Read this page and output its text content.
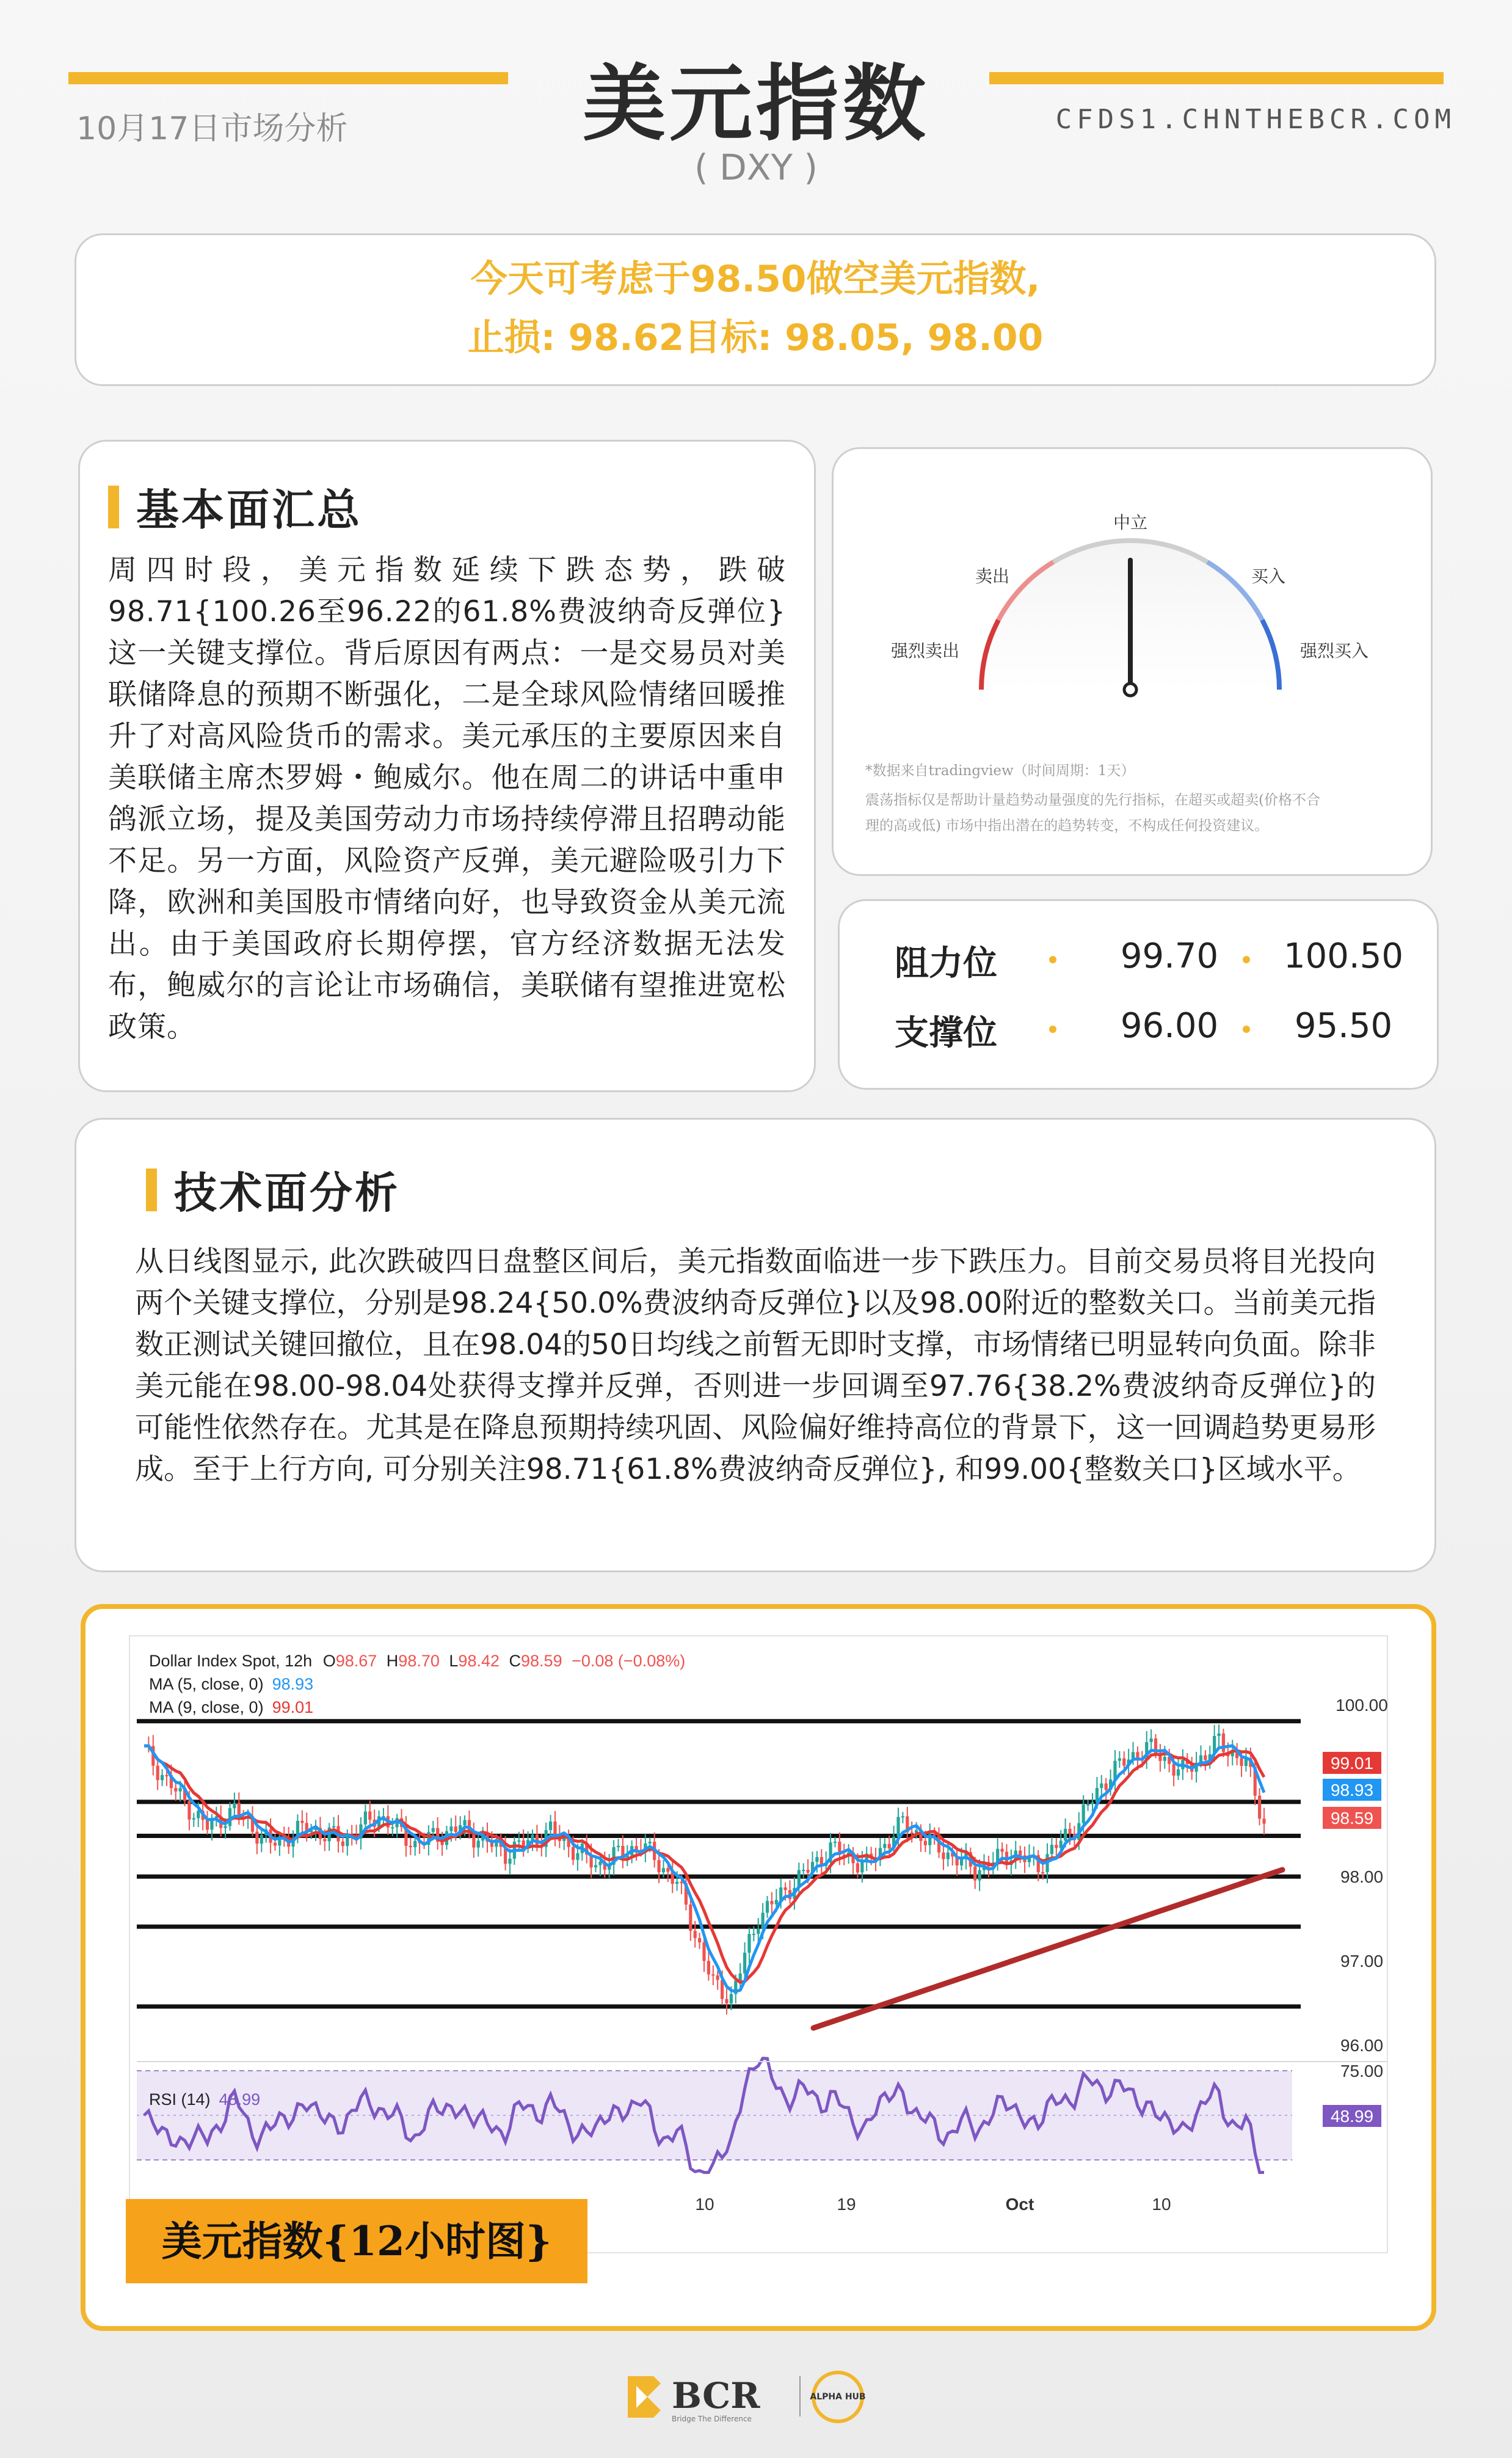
10月17日市场分析	美元指数
( DXY )
CFDS1.CHNTHEBCR.COM
今天可考虑于98.50做空美元指数,
止损: 98.62目标: 98.05, 98.00
基本面汇总

周四时段，美元指数延续下跌态势，跌破98.71{100.26至96.22的61.8%费波纳奇反弹位}这一关键支撑位。背后原因有两点：一是交易员对美联储降息的预期不断强化，二是全球风险情绪回暖推升了对高风险货币的需求。美元承压的主要原因来自美联储主席杰罗姆・鲍威尔。他在周二的讲话中重申鸽派立场，提及美国劳动力市场持续停滞且招聘动能不足。另一方面，风险资产反弹，美元避险吸引力下降，欧洲和美国股市情绪向好，也导致资金从美元流出。由于美国政府长期停摆，官方经济数据无法发布，鲍威尔的言论让市场确信，美联储有望推进宽松政策。

中立
卖出	买入
强烈卖出	强烈买入
*数据来自tradingview（时间周期：1天）
震荡指标仅是帮助计量趋势动量强度的先行指标，在超买或超卖(价格不合
理的高或低) 市场中指出潜在的趋势转变，不构成任何投资建议。
阻力位	99.70	100.50
支撑位	96.00	95.50
技术面分析

从日线图显示, 此次跌破四日盘整区间后，美元指数面临进一步下跌压力。目前交易员将目光投向两个关键支撑位，分别是98.24{50.0%费波纳奇反弹位}以及98.00附近的整数关口。当前美元指数正测试关键回撤位，且在98.04的50日均线之前暂无即时支撑，市场情绪已明显转向负面。除非美元能在98.00-98.04处获得支撑并反弹，否则进一步回调至97.76{38.2%费波纳奇反弹位}的可能性依然存在。尤其是在降息预期持续巩固、风险偏好维持高位的背景下，这一回调趋势更易形成。至于上行方向, 可分别关注98.71{61.8%费波纳奇反弹位}, 和99.00{整数关口}区域水平。

Dollar Index Spot, 12h O98.67 H98.70 L98.42 C98.59 −0.08 (−0.08%)
MA (5, close, 0) 98.93
MA (9, close, 0) 99.01
RSI (14) 48.99
100.00
98.00
97.00
96.00
99.01
98.93
98.59
75.00
48.99
10	19	Oct	10
美元指数{12小时图}
BCR
Bridge The Difference
ALPHA HUB
